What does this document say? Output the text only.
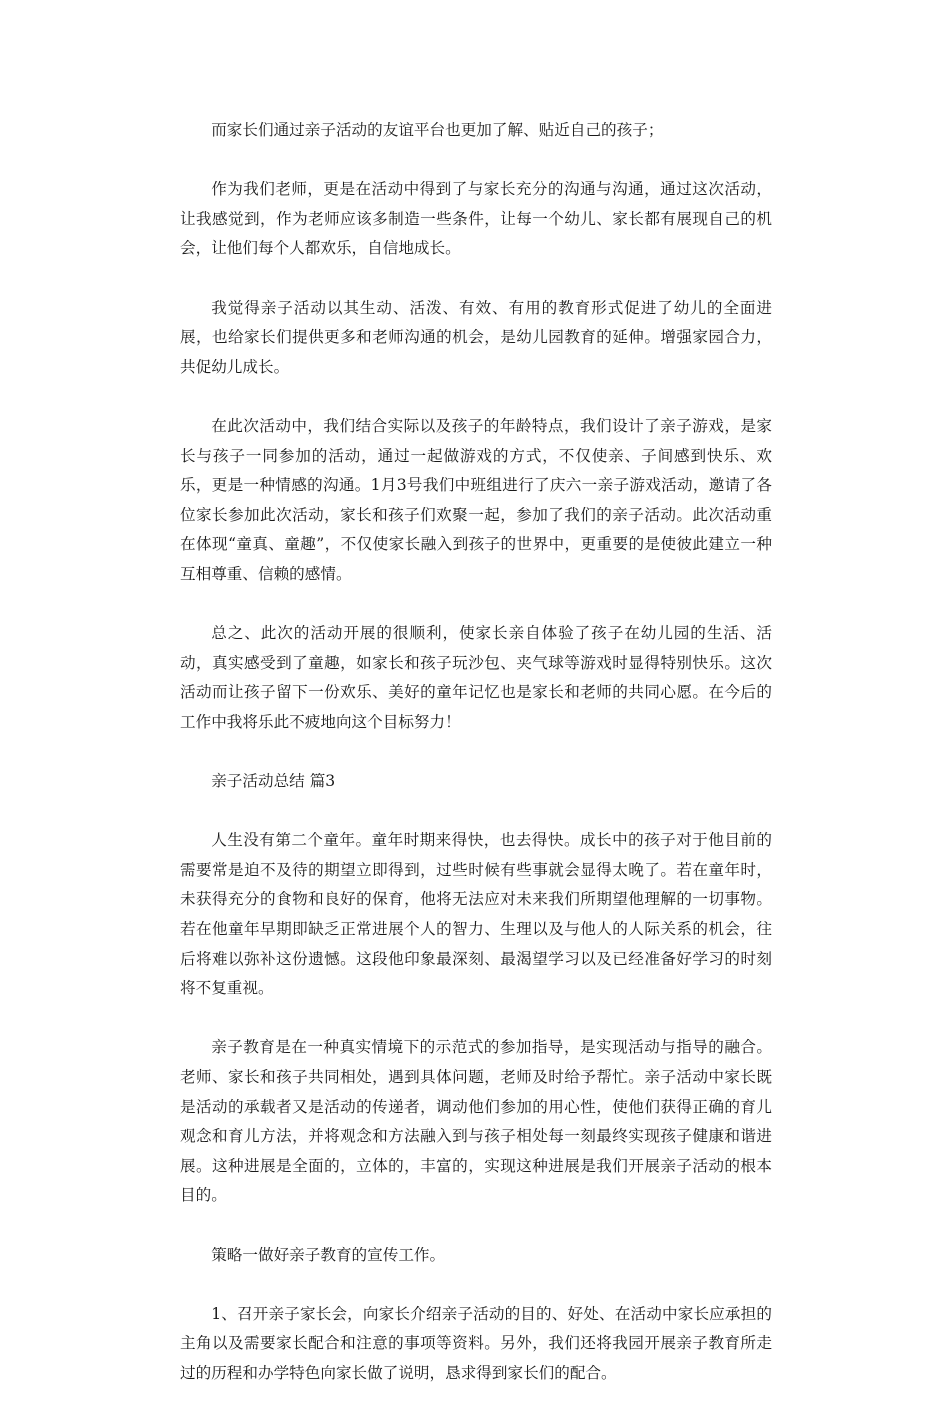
而家长们通过亲子活动的友谊平台也更加了解、贴近自己的孩子；

作为我们老师，更是在活动中得到了与家长充分的沟通与沟通，通过这次活动，让我感觉到，作为老师应该多制造一些条件，让每一个幼儿、家长都有展现自己的机会，让他们每个人都欢乐，自信地成长。

我觉得亲子活动以其生动、活泼、有效、有用的教育形式促进了幼儿的全面进展，也给家长们提供更多和老师沟通的机会，是幼儿园教育的延伸。增强家园合力，共促幼儿成长。

在此次活动中，我们结合实际以及孩子的年龄特点，我们设计了亲子游戏，是家长与孩子一同参加的活动，通过一起做游戏的方式，不仅使亲、子间感到快乐、欢乐，更是一种情感的沟通。1月3号我们中班组进行了庆六一亲子游戏活动，邀请了各位家长参加此次活动，家长和孩子们欢聚一起，参加了我们的亲子活动。此次活动重在体现“童真、童趣”，不仅使家长融入到孩子的世界中，更重要的是使彼此建立一种互相尊重、信赖的感情。

总之、此次的活动开展的很顺利，使家长亲自体验了孩子在幼儿园的生活、活动，真实感受到了童趣，如家长和孩子玩沙包、夹气球等游戏时显得特别快乐。这次活动而让孩子留下一份欢乐、美好的童年记忆也是家长和老师的共同心愿。在今后的工作中我将乐此不疲地向这个目标努力！

亲子活动总结 篇3

人生没有第二个童年。童年时期来得快，也去得快。成长中的孩子对于他目前的需要常是迫不及待的期望立即得到，过些时候有些事就会显得太晚了。若在童年时，未获得充分的食物和良好的保育，他将无法应对未来我们所期望他理解的一切事物。若在他童年早期即缺乏正常进展个人的智力、生理以及与他人的人际关系的机会，往后将难以弥补这份遗憾。这段他印象最深刻、最渴望学习以及已经准备好学习的时刻将不复重视。

亲子教育是在一种真实情境下的示范式的参加指导，是实现活动与指导的融合。老师、家长和孩子共同相处，遇到具体问题，老师及时给予帮忙。亲子活动中家长既是活动的承载者又是活动的传递者，调动他们参加的用心性，使他们获得正确的育儿观念和育儿方法，并将观念和方法融入到与孩子相处每一刻最终实现孩子健康和谐进展。这种进展是全面的，立体的，丰富的，实现这种进展是我们开展亲子活动的根本目的。

策略一做好亲子教育的宣传工作。

1、召开亲子家长会，向家长介绍亲子活动的目的、好处、在活动中家长应承担的主角以及需要家长配合和注意的事项等资料。另外，我们还将我园开展亲子教育所走过的历程和办学特色向家长做了说明，恳求得到家长们的配合。
